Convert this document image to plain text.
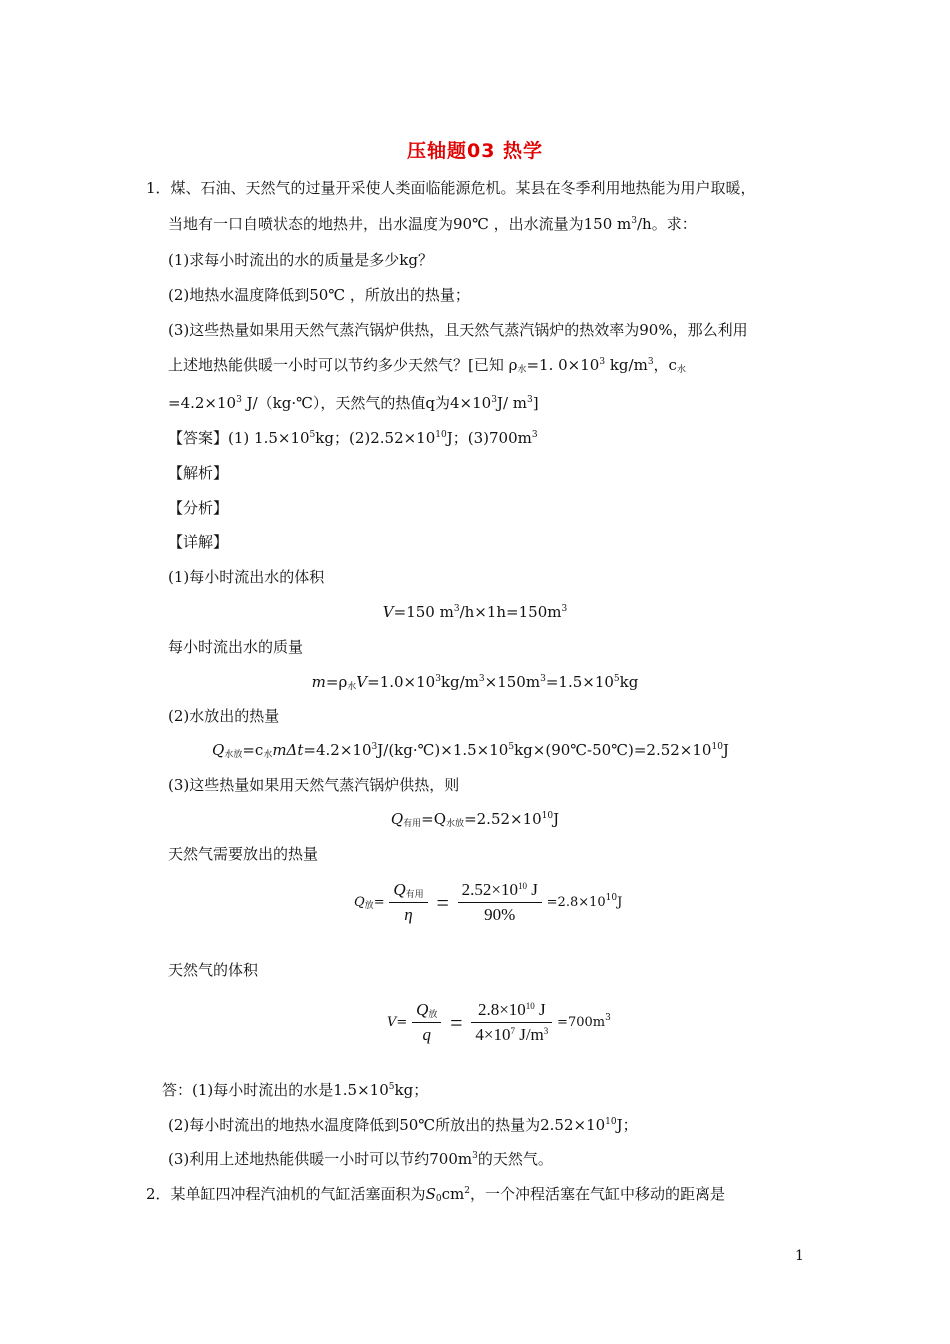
压轴题03 热学
1．煤、石油、天然气的过量开采使人类面临能源危机。某县在冬季利用地热能为用户取暖，
当地有一口自喷状态的地热井，出水温度为90℃ ，出水流量为150 $m^3/h$。求：
(1)求每小时流出的水的质量是多少kg？
(2)地热水温度降低到50℃ ，所放出的热量；
(3)这些热量如果用天然气蒸汽锅炉供热，且天然气蒸汽锅炉的热效率为90%，那么利用
上述地热能供暖一小时可以节约多少天然气？[已知 $\rho_水=1$. $0\times 10^3$ $kg/m^3$，$c_水$
$=4.2\times 10^3$ J/（kg·℃），天然气的热值q为$4\times 10^3J/$ $m^3$]
【答案】(1) $1.5\times 10^5kg$；$(2)2.52\times 10^{10}J$；$(3)700m^3$
【解析】
【分析】
【详解】
(1)每小时流出水的体积
V=150 $m^3/h\times 1h=150m^3$
每小时流出水的质量
$m=\rho_水V=1.0\times 10^3kg/m^3\times 150m^3=1.5\times 10^5kg$
(2)水放出的热量
$Q_{水放}=c_水m\Delta t=4.2\times 10^3J/(kg\cdot℃)\times 1.5\times 10^5kg\times(90℃-50℃)=2.52\times 10^{10}J$
(3)这些热量如果用天然气蒸汽锅炉供热，则
$Q_{有用}=Q_{水放}=2.52\times 10^{10}J$
天然气需要放出的热量
$Q_放= \frac{Q_{有用}}{\eta} = \frac{2.52\times 10^{10} J}{90\%} =2.8\times 10^{10}J$
天然气的体积
$V= \frac{Q_放}{q} = \frac{2.8\times 10^{10} J}{4\times 10^7 J/m^3} =700m^3$
答：(1)每小时流出的水是$1.5\times 10^5kg$；
(2)每小时流出的地热水温度降低到50℃所放出的热量为$2.52\times 10^{10}J$；
(3)利用上述地热能供暖一小时可以节约$700m^3$的天然气。
2．某单缸四冲程汽油机的气缸活塞面积为$S_0cm^2$，一个冲程活塞在气缸中移动的距离是
1
